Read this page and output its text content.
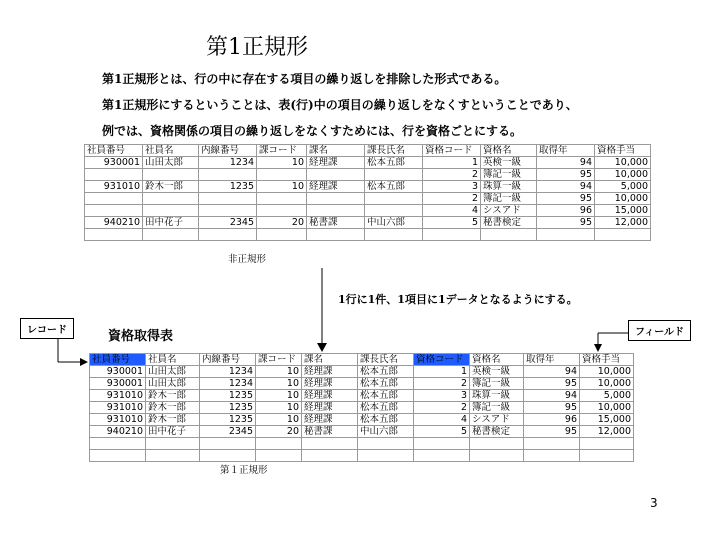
第1正規形
第1正規形とは、行の中に存在する項目の繰り返しを排除した形式である。
第1正規形にするということは、表(行)中の項目の繰り返しをなくすということであり、
例では、資格関係の項目の繰り返しをなくすためには、行を資格ごとにする。
社員番号	社員名	内線番号	課コード	課名	課長氏名	資格コード	資格名	取得年	資格手当
930001	山田太郎	1234	10	経理課	松本五郎	1	英検一級	94	10,000
						2	簿記一級	95	10,000
931010	鈴木一郎	1235	10	経理課	松本五郎	3	珠算一級	94	5,000
						2	簿記一級	95	10,000
						4	シスアド	96	15,000
940210	田中花子	2345	20	秘書課	中山六郎	5	秘書検定	95	12,000

非正規形
1行に1件、1項目に1データとなるようにする。
レコード	フィールド
資格取得表
社員番号	社員名	内線番号	課コード	課名	課長氏名	資格コード	資格名	取得年	資格手当
930001	山田太郎	1234	10	経理課	松本五郎	1	英検一級	94	10,000
930001	山田太郎	1234	10	経理課	松本五郎	2	簿記一級	95	10,000
931010	鈴木一郎	1235	10	経理課	松本五郎	3	珠算一級	94	5,000
931010	鈴木一郎	1235	10	経理課	松本五郎	2	簿記一級	95	10,000
931010	鈴木一郎	1235	10	経理課	松本五郎	4	シスアド	96	15,000
940210	田中花子	2345	20	秘書課	中山六郎	5	秘書検定	95	12,000

第１正規形
3
